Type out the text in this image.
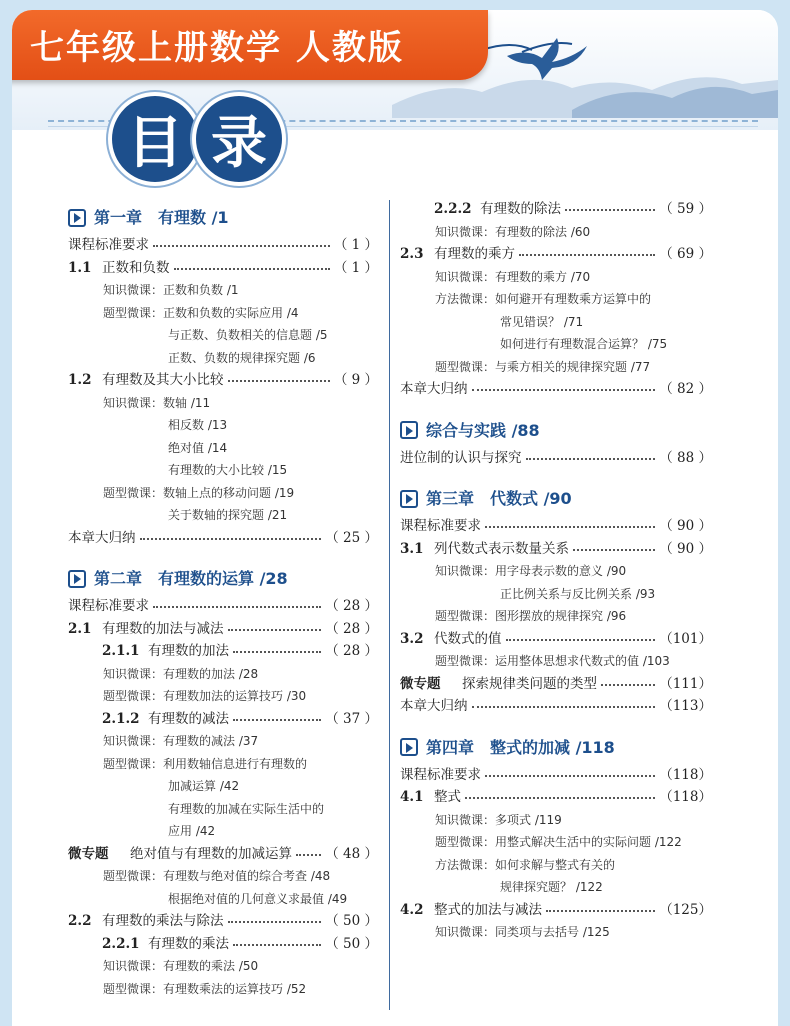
七年级上册数学 人教版
目 录
第一章　有理数 /1
课程标准要求	（ 1 ）
1.1 正数和负数	（ 1 ）
知识微课：正数和负数 /1
题型微课：正数和负数的实际应用 /4
与正数、负数相关的信息题 /5
正数、负数的规律探究题 /6
1.2 有理数及其大小比较	（ 9 ）
知识微课：数轴 /11
相反数 /13
绝对值 /14
有理数的大小比较 /15
题型微课：数轴上点的移动问题 /19
关于数轴的探究题 /21
本章大归纳	（ 25 ）
第二章　有理数的运算 /28
课程标准要求	（ 28 ）
2.1 有理数的加法与减法	（ 28 ）
2.1.1 有理数的加法	（ 28 ）
知识微课：有理数的加法 /28
题型微课：有理数加法的运算技巧 /30
2.1.2 有理数的减法	（ 37 ）
知识微课：有理数的减法 /37
题型微课：利用数轴信息进行有理数的
加减运算 /42
有理数的加减在实际生活中的
应用 /42
微专题	绝对值与有理数的加减运算 （ 48 ）
题型微课：有理数与绝对值的综合考查 /48
根据绝对值的几何意义求最值 /49
2.2 有理数的乘法与除法	（ 50 ）
2.2.1 有理数的乘法	（ 50 ）
知识微课：有理数的乘法 /50
题型微课：有理数乘法的运算技巧 /52
2.2.2 有理数的除法	（ 59 ）
知识微课：有理数的除法 /60
2.3 有理数的乘方	（ 69 ）
知识微课：有理数的乘方 /70
方法微课：如何避开有理数乘方运算中的
常见错误？ /71
如何进行有理数混合运算？ /75
题型微课：与乘方相关的规律探究题 /77
本章大归纳	（ 82 ）
综合与实践 /88
进位制的认识与探究	（ 88 ）
第三章　代数式 /90
课程标准要求	（ 90 ）
3.1 列代数式表示数量关系	（ 90 ）
知识微课：用字母表示数的意义 /90
正比例关系与反比例关系 /93
题型微课：图形摆放的规律探究 /96
3.2 代数式的值	（101）
题型微课：运用整体思想求代数式的值 /103
微专题	探索规律类问题的类型	（111）
本章大归纳	（113）
第四章　整式的加减 /118
课程标准要求	（118）
4.1 整式	（118）
知识微课：多项式 /119
题型微课：用整式解决生活中的实际问题 /122
方法微课：如何求解与整式有关的
规律探究题？ /122
4.2 整式的加法与减法	（125）
知识微课：同类项与去括号 /125
